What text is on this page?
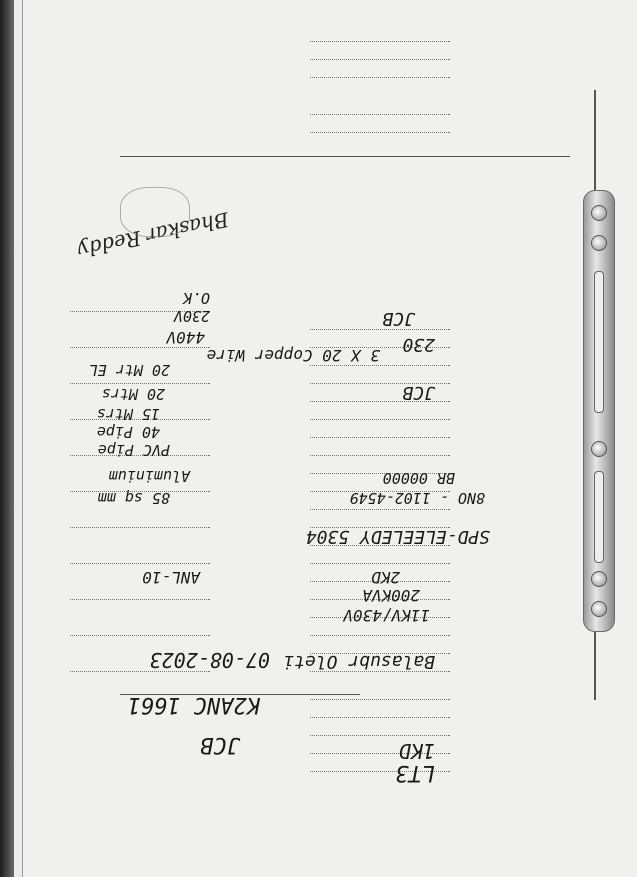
LT3
1KD
JCB
K2ANC 1661
07-08-2023 Balasubr Oleti
11KV/430V
200KVA
2KD
ANL-10
SPD-ELEELEDY 5304
8NO - 1102-4549
85 sq mm
BR 00000
Aluminium
PVC Pipe
40 Pipe
15 Mtrs
20 Mtrs	JCB
3 X 20 Copper Wire
20 Mtr EL
230
440V
230V	JCB
O.K
Bhaskar Reddy
